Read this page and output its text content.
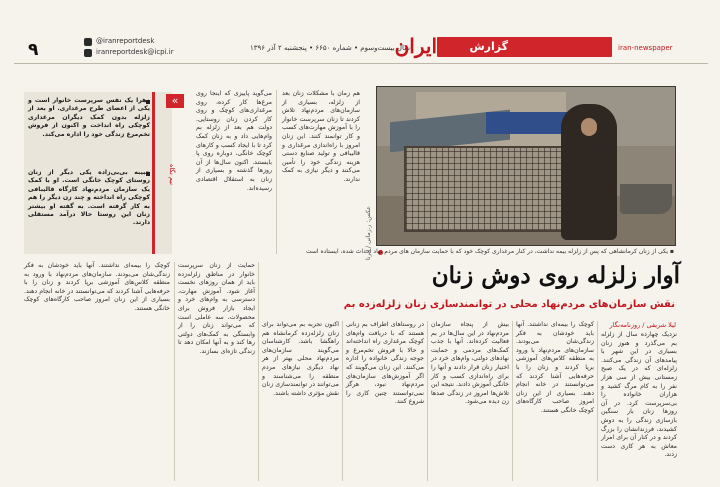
۹	@iranreportdesk
iranreportdesk@icpi.ir	سال بیست‌وسوم • شماره ۶۶۵۰ • پنجشنبه ۲ آذر ۱۳۹۶
ایران	گزارش	iran-newspaper
«
نیم نگاه
زهرا یک نفس سرپرست خانوار است و یکی از اعضای طرح مرغداری. او بعد از زلزله بدون کمک دیگران مرغداری کوچکی راه انداخت و اکنون از فروش تخم‌مرغ زندگی خود را اداره می‌کند.
حبیبه بی‌بی‌زاده یکی دیگر از زنان روستای کوچک خانگی است. او با کمک یک سازمان مردم‌نهاد کارگاه قالیبافی کوچکی راه انداخته و چند زن دیگر را هم به کار گرفته است. به گفته او بیشتر زنان این روستا حالا درآمد مستقلی دارند.
می‌گوید پاییزی که اینجا روی مرغ‌ها کار کرده، روی مرغداری‌های کوچک و روی کار کردن زنان روستایی. دولت هم بعد از زلزله بم وام‌هایی داد و به زنان کمک کرد تا با ایجاد کسب و کارهای کوچک خانگی، دوباره روی پا بایستند. اکنون سال‌ها از آن روزها گذشته و بسیاری از زنان به استقلال اقتصادی رسیده‌اند.
هم زمان با مشکلات زنان بعد از زلزله، بسیاری از سازمان‌های مردم‌نهاد تلاش کردند تا زنان سرپرست خانوار را با آموزش مهارت‌های کسب و کار توانمند کنند. این زنان امروز با راه‌اندازی مرغداری و قالیبافی و تولید صنایع دستی هزینه زندگی خود را تأمین می‌کنند و دیگر نیازی به کمک ندارند.
عکس: ر.زمانی / ایرنا
▪ یکی از زنان کرمانشاهی که پس از زلزله بیمه نداشت، در کنار مرغداری کوچک خود که با حمایت سازمان های مردم نهاد احداث شده، ایستاده است
آوار زلزله روی دوش زنان
نقش سازمان‌های مردم‌نهاد محلی در توانمندسازی زنان زلزله‌زده بم
لیلا شریفی / روزنامه‌نگار
نزدیک چهارده سال از زلزله بم می‌گذرد و هنوز زنان بسیاری در این شهر با پیامدهای آن زندگی می‌کنند. زلزله‌ای که در یک صبح زمستانی بیش از سی هزار نفر را به کام مرگ کشید و هزاران خانواده را بی‌سرپرست کرد. در آن روزها زنان بار سنگین بازسازی زندگی را به دوش کشیدند، فرزندانشان را بزرگ کردند و در کنار آن برای امرار معاش به هر کاری دست زدند.
کوچک را بیمه‌ای نداشتند. آنها باید خودشان به فکر زندگی‌شان می‌بودند. سازمان‌های مردم‌نهاد با ورود به منطقه کلاس‌های آموزشی برپا کردند و زنان را با حرفه‌هایی آشنا کردند که می‌توانستند در خانه انجام دهند. بسیاری از این زنان امروز صاحب کارگاه‌های کوچک خانگی هستند.
بیش از پنجاه سازمان مردم‌نهاد در این سال‌ها در بم فعالیت کرده‌اند. آنها با جذب کمک‌های مردمی و حمایت نهادهای دولتی، وام‌های خرد در اختیار زنان قرار دادند و آنها را برای راه‌اندازی کسب و کار خانگی آموزش دادند. نتیجه این تلاش‌ها امروز در زندگی صدها زن دیده می‌شود.
در روستاهای اطراف بم زنانی هستند که با دریافت وام‌های کوچک مرغداری راه انداخته‌اند و حالا با فروش تخم‌مرغ و جوجه زندگی خانواده را اداره می‌کنند. این زنان می‌گویند که اگر آموزش‌های سازمان‌های مردم‌نهاد نبود، هرگز نمی‌توانستند چنین کاری را شروع کنند.
اکنون تجربه بم می‌تواند برای زنان زلزله‌زده کرمانشاه هم راهگشا باشد. کارشناسان می‌گویند سازمان‌های مردم‌نهاد محلی بهتر از هر نهاد دیگری نیازهای مردم منطقه را می‌شناسند و می‌توانند در توانمندسازی زنان نقش مؤثری داشته باشند.
حمایت از زنان سرپرست خانوار در مناطق زلزله‌زده باید از همان روزهای نخست آغاز شود. آموزش مهارت، دسترسی به وام‌های خرد و ایجاد بازار فروش برای محصولات، سه عاملی است که می‌تواند زنان را از وابستگی به کمک‌های دولتی رها کند و به آنها امکان دهد تا زندگی تازه‌ای بسازند.
کوچک را بیمه‌ای نداشتند. آنها باید خودشان به فکر زندگی‌شان می‌بودند. سازمان‌های مردم‌نهاد با ورود به منطقه کلاس‌های آموزشی برپا کردند و زنان را با حرفه‌هایی آشنا کردند که می‌توانستند در خانه انجام دهند. بسیاری از این زنان امروز صاحب کارگاه‌های کوچک خانگی هستند.
